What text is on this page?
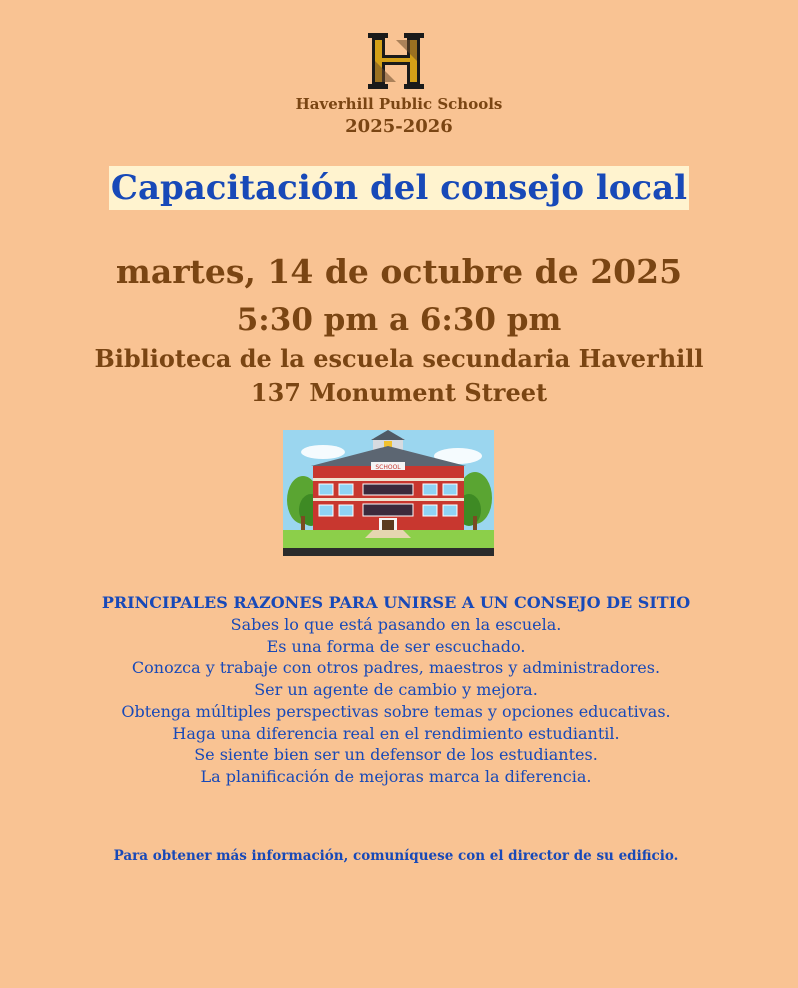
Haverhill Public Schools
2025-2026
Capacitación del consejo local
martes, 14 de octubre de 2025
5:30 pm a 6:30 pm
Biblioteca de la escuela secundaria Haverhill
137 Monument Street
SCHOOL
PRINCIPALES RAZONES PARA UNIRSE A UN CONSEJO DE SITIO
Sabes lo que está pasando en la escuela.
Es una forma de ser escuchado.
Conozca y trabaje con otros padres, maestros y administradores.
Ser un agente de cambio y mejora.
Obtenga múltiples perspectivas sobre temas y opciones educativas.
Haga una diferencia real en el rendimiento estudiantil.
Se siente bien ser un defensor de los estudiantes.
La planificación de mejoras marca la diferencia.
Para obtener más información, comuníquese con el director de su edificio.
